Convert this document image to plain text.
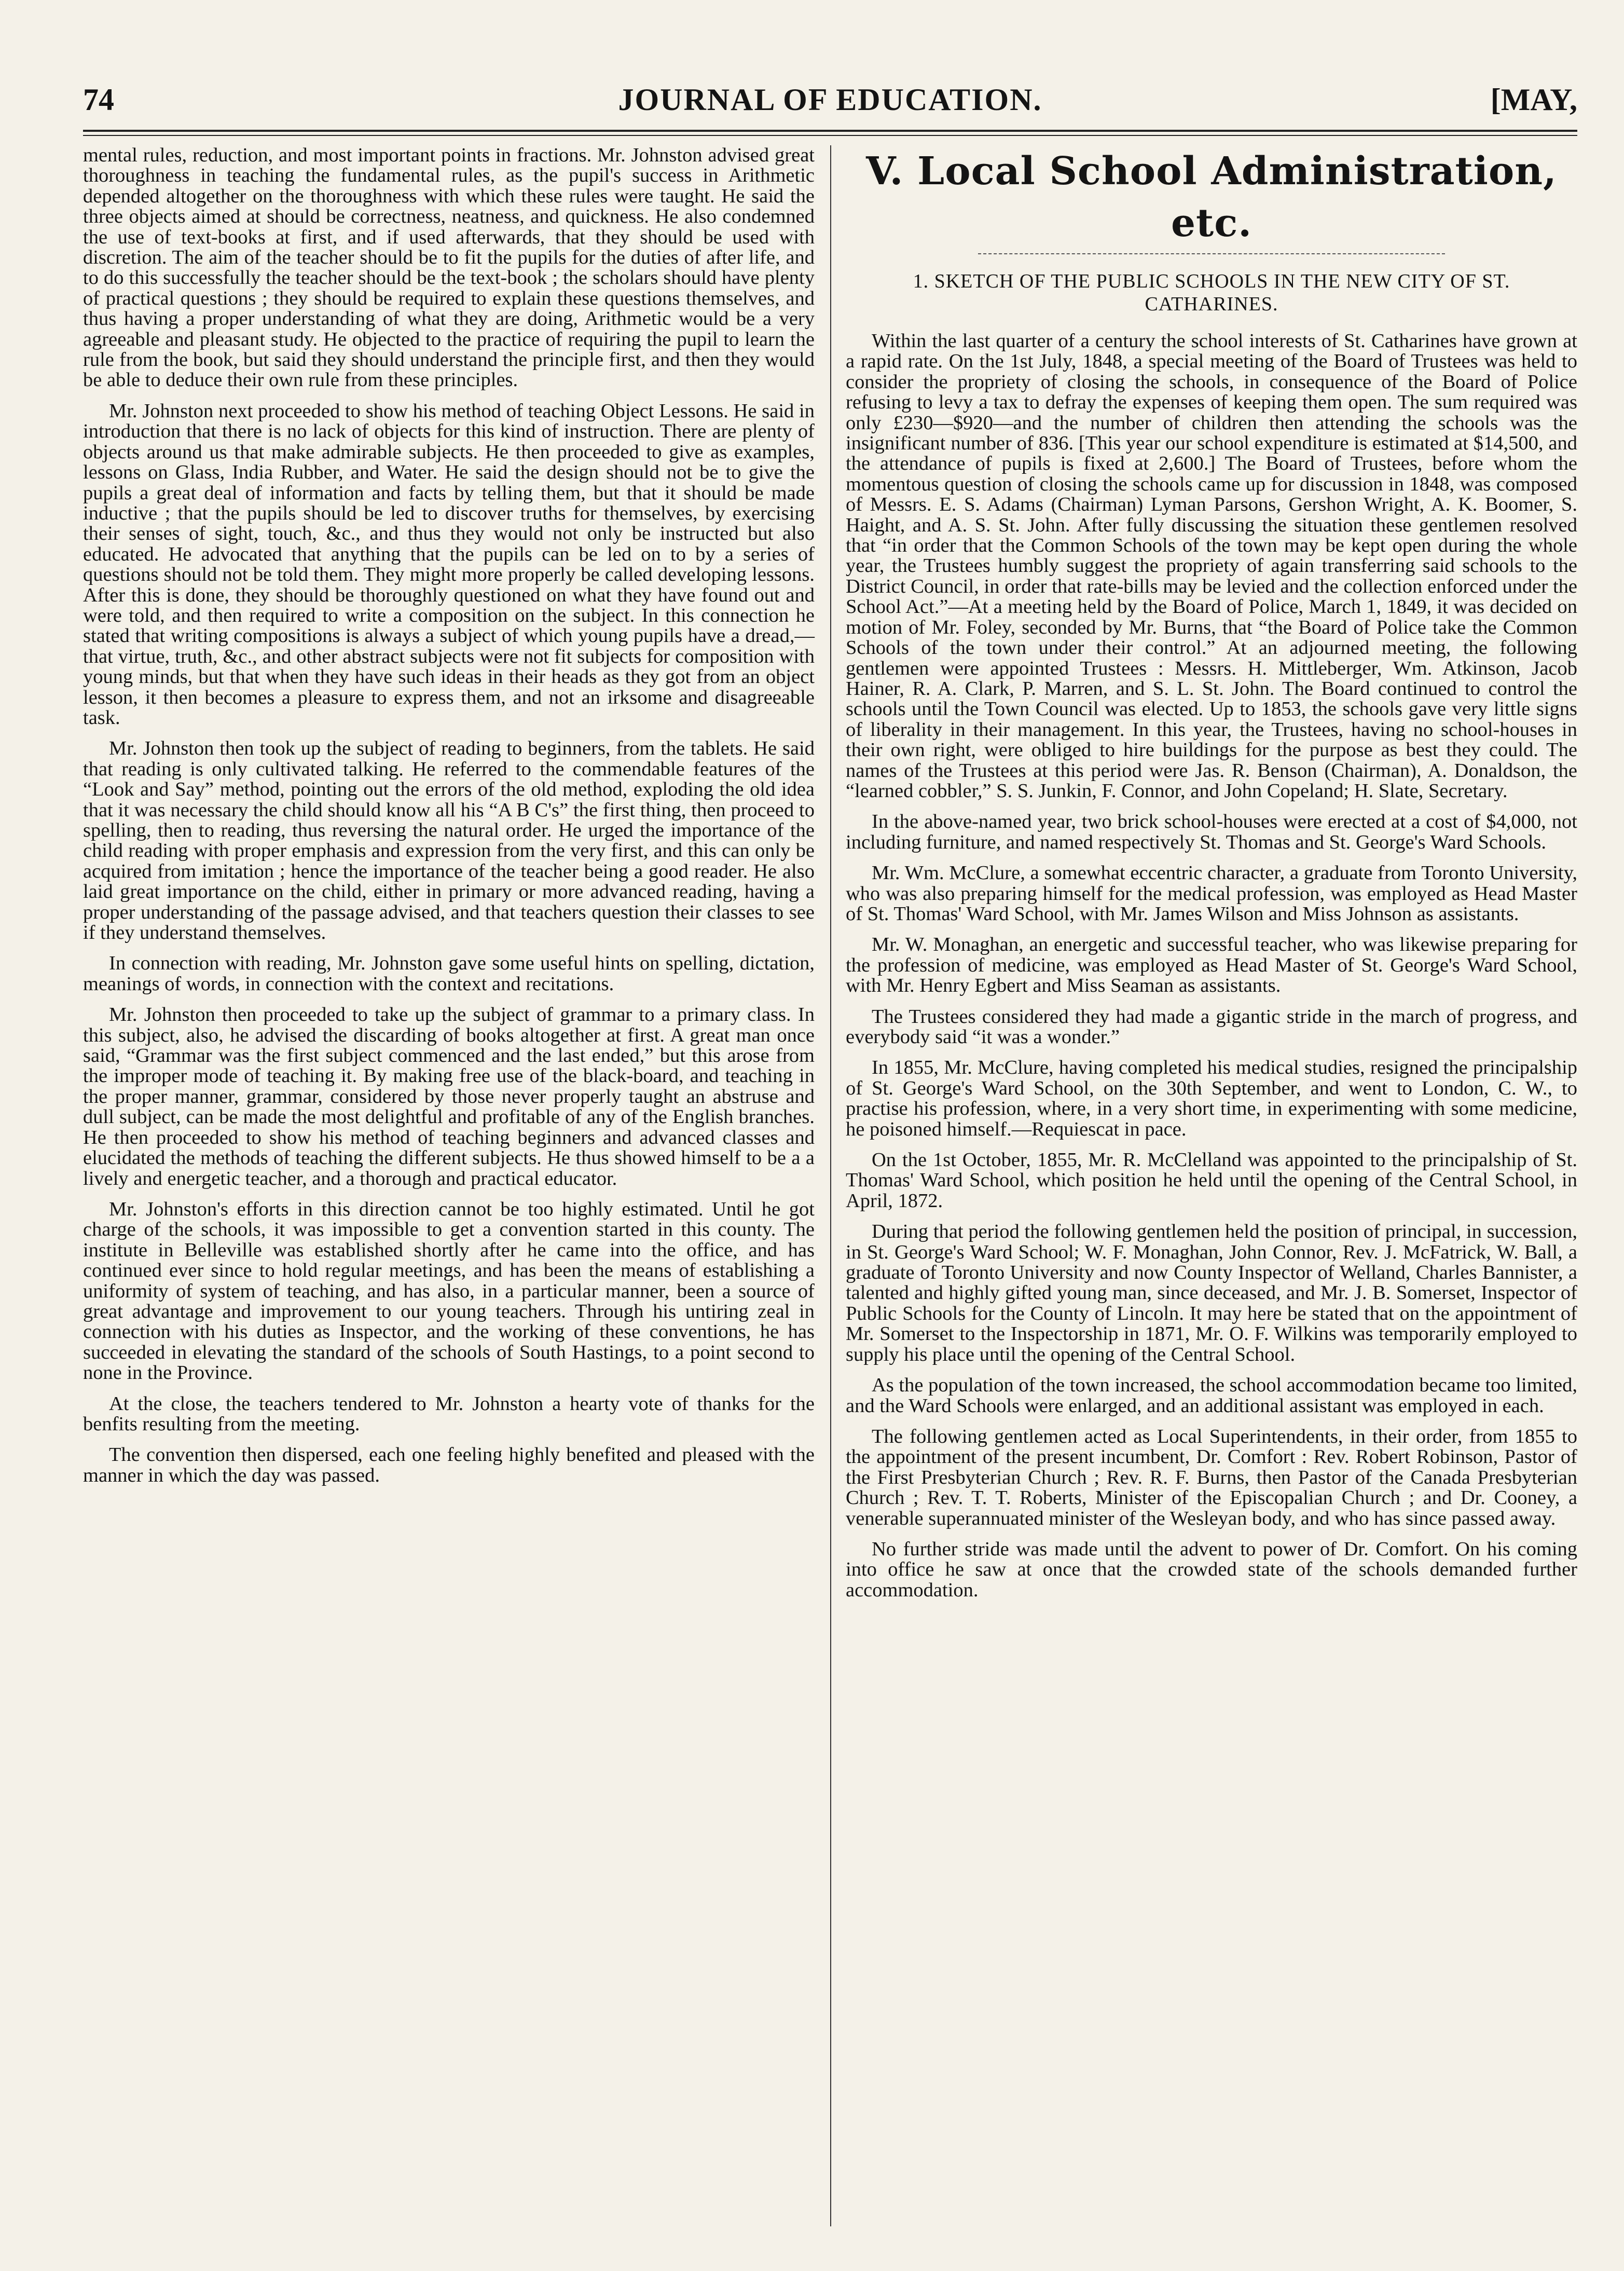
74	JOURNAL OF EDUCATION.	[MAY,

mental rules, reduction, and most important points in fractions. Mr. Johnston advised great thoroughness in teaching the fundamental rules, as the pupil's success in Arithmetic depended altogether on the thoroughness with which these rules were taught. He said the three objects aimed at should be correctness, neatness, and quickness. He also condemned the use of text-books at first, and if used afterwards, that they should be used with discretion. The aim of the teacher should be to fit the pupils for the duties of after life, and to do this successfully the teacher should be the text-book ; the scholars should have plenty of practical questions ; they should be required to explain these questions themselves, and thus having a proper understanding of what they are doing, Arithmetic would be a very agreeable and pleasant study. He objected to the practice of requiring the pupil to learn the rule from the book, but said they should understand the principle first, and then they would be able to deduce their own rule from these principles.

Mr. Johnston next proceeded to show his method of teaching Object Lessons. He said in introduction that there is no lack of objects for this kind of instruction. There are plenty of objects around us that make admirable subjects. He then proceeded to give as examples, lessons on Glass, India Rubber, and Water. He said the design should not be to give the pupils a great deal of information and facts by telling them, but that it should be made inductive ; that the pupils should be led to discover truths for themselves, by exercising their senses of sight, touch, &c., and thus they would not only be instructed but also educated. He advocated that anything that the pupils can be led on to by a series of questions should not be told them. They might more properly be called developing lessons. After this is done, they should be thoroughly questioned on what they have found out and were told, and then required to write a composition on the subject. In this connection he stated that writing compositions is always a subject of which young pupils have a dread,—that virtue, truth, &c., and other abstract subjects were not fit subjects for composition with young minds, but that when they have such ideas in their heads as they got from an object lesson, it then becomes a pleasure to express them, and not an irksome and disagreeable task.

Mr. Johnston then took up the subject of reading to beginners, from the tablets. He said that reading is only cultivated talking. He referred to the commendable features of the “Look and Say” method, pointing out the errors of the old method, exploding the old idea that it was necessary the child should know all his “A B C's” the first thing, then proceed to spelling, then to reading, thus reversing the natural order. He urged the importance of the child reading with proper emphasis and expression from the very first, and this can only be acquired from imitation ; hence the importance of the teacher being a good reader. He also laid great importance on the child, either in primary or more advanced reading, having a proper understanding of the passage advised, and that teachers question their classes to see if they understand themselves.

In connection with reading, Mr. Johnston gave some useful hints on spelling, dictation, meanings of words, in connection with the context and recitations.

Mr. Johnston then proceeded to take up the subject of grammar to a primary class. In this subject, also, he advised the discarding of books altogether at first. A great man once said, “Grammar was the first subject commenced and the last ended,” but this arose from the improper mode of teaching it. By making free use of the black-board, and teaching in the proper manner, grammar, considered by those never properly taught an abstruse and dull subject, can be made the most delightful and profitable of any of the English branches. He then proceeded to show his method of teaching beginners and advanced classes and elucidated the methods of teaching the different subjects. He thus showed himself to be a a lively and energetic teacher, and a thorough and practical educator.

Mr. Johnston's efforts in this direction cannot be too highly estimated. Until he got charge of the schools, it was impossible to get a convention started in this county. The institute in Belleville was established shortly after he came into the office, and has continued ever since to hold regular meetings, and has been the means of establishing a uniformity of system of teaching, and has also, in a particular manner, been a source of great advantage and improvement to our young teachers. Through his untiring zeal in connection with his duties as Inspector, and the working of these conventions, he has succeeded in elevating the standard of the schools of South Hastings, to a point second to none in the Province.

At the close, the teachers tendered to Mr. Johnston a hearty vote of thanks for the benfits resulting from the meeting.

The convention then dispersed, each one feeling highly benefited and pleased with the manner in which the day was passed.

V. Local School Administration, etc.
1. SKETCH OF THE PUBLIC SCHOOLS IN THE NEW CITY OF ST. CATHARINES.

Within the last quarter of a century the school interests of St. Catharines have grown at a rapid rate. On the 1st July, 1848, a special meeting of the Board of Trustees was held to consider the propriety of closing the schools, in consequence of the Board of Police refusing to levy a tax to defray the expenses of keeping them open. The sum required was only £230—$920—and the number of children then attending the schools was the insignificant number of 836. [This year our school expenditure is estimated at $14,500, and the attendance of pupils is fixed at 2,600.] The Board of Trustees, before whom the momentous question of closing the schools came up for discussion in 1848, was composed of Messrs. E. S. Adams (Chairman) Lyman Parsons, Gershon Wright, A. K. Boomer, S. Haight, and A. S. St. John. After fully discussing the situation these gentlemen resolved that “in order that the Common Schools of the town may be kept open during the whole year, the Trustees humbly suggest the propriety of again transferring said schools to the District Council, in order that rate-bills may be levied and the collection enforced under the School Act.”—At a meeting held by the Board of Police, March 1, 1849, it was decided on motion of Mr. Foley, seconded by Mr. Burns, that “the Board of Police take the Common Schools of the town under their control.” At an adjourned meeting, the following gentlemen were appointed Trustees : Messrs. H. Mittleberger, Wm. Atkinson, Jacob Hainer, R. A. Clark, P. Marren, and S. L. St. John. The Board continued to control the schools until the Town Council was elected. Up to 1853, the schools gave very little signs of liberality in their management. In this year, the Trustees, having no school-houses in their own right, were obliged to hire buildings for the purpose as best they could. The names of the Trustees at this period were Jas. R. Benson (Chairman), A. Donaldson, the “learned cobbler,” S. S. Junkin, F. Connor, and John Copeland; H. Slate, Secretary.

In the above-named year, two brick school-houses were erected at a cost of $4,000, not including furniture, and named respectively St. Thomas and St. George's Ward Schools.

Mr. Wm. McClure, a somewhat eccentric character, a graduate from Toronto University, who was also preparing himself for the medical profession, was employed as Head Master of St. Thomas' Ward School, with Mr. James Wilson and Miss Johnson as assistants.

Mr. W. Monaghan, an energetic and successful teacher, who was likewise preparing for the profession of medicine, was employed as Head Master of St. George's Ward School, with Mr. Henry Egbert and Miss Seaman as assistants.

The Trustees considered they had made a gigantic stride in the march of progress, and everybody said “it was a wonder.”

In 1855, Mr. McClure, having completed his medical studies, resigned the principalship of St. George's Ward School, on the 30th September, and went to London, C. W., to practise his profession, where, in a very short time, in experimenting with some medicine, he poisoned himself.—Requiescat in pace.

On the 1st October, 1855, Mr. R. McClelland was appointed to the principalship of St. Thomas' Ward School, which position he held until the opening of the Central School, in April, 1872.

During that period the following gentlemen held the position of principal, in succession, in St. George's Ward School; W. F. Monaghan, John Connor, Rev. J. McFatrick, W. Ball, a graduate of Toronto University and now County Inspector of Welland, Charles Bannister, a talented and highly gifted young man, since deceased, and Mr. J. B. Somerset, Inspector of Public Schools for the County of Lincoln. It may here be stated that on the appointment of Mr. Somerset to the Inspectorship in 1871, Mr. O. F. Wilkins was temporarily employed to supply his place until the opening of the Central School.

As the population of the town increased, the school accommodation became too limited, and the Ward Schools were enlarged, and an additional assistant was employed in each.

The following gentlemen acted as Local Superintendents, in their order, from 1855 to the appointment of the present incumbent, Dr. Comfort : Rev. Robert Robinson, Pastor of the First Presbyterian Church ; Rev. R. F. Burns, then Pastor of the Canada Presbyterian Church ; Rev. T. T. Roberts, Minister of the Episcopalian Church ; and Dr. Cooney, a venerable superannuated minister of the Wesleyan body, and who has since passed away.

No further stride was made until the advent to power of Dr. Comfort. On his coming into office he saw at once that the crowded state of the schools demanded further accommodation.
